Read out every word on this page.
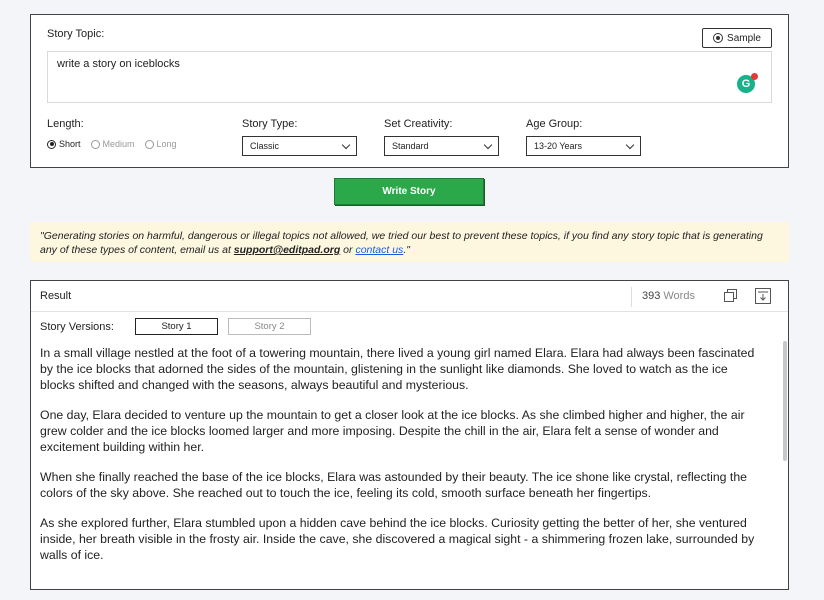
Story Topic:	Sample
write a story on iceblocks
G
Length:	Story Type:	Set Creativity:	Age Group:
Short Medium Long	Classic	Standard	13-20 Years
Write Story
"Generating stories on harmful, dangerous or illegal topics not allowed, we tried our best to prevent these topics, if you find any story topic that is generating any of these types of content, email us at support@editpad.org or contact us."
Result	393 Words
Story Versions:	Story 1	Story 2

In a small village nestled at the foot of a towering mountain, there lived a young girl named Elara. Elara had always been fascinated by the ice blocks that adorned the sides of the mountain, glistening in the sunlight like diamonds. She loved to watch as the ice blocks shifted and changed with the seasons, always beautiful and mysterious.

One day, Elara decided to venture up the mountain to get a closer look at the ice blocks. As she climbed higher and higher, the air grew colder and the ice blocks loomed larger and more imposing. Despite the chill in the air, Elara felt a sense of wonder and excitement building within her.

When she finally reached the base of the ice blocks, Elara was astounded by their beauty. The ice shone like crystal, reflecting the colors of the sky above. She reached out to touch the ice, feeling its cold, smooth surface beneath her fingertips.

As she explored further, Elara stumbled upon a hidden cave behind the ice blocks. Curiosity getting the better of her, she ventured inside, her breath visible in the frosty air. Inside the cave, she discovered a magical sight - a shimmering frozen lake, surrounded by walls of ice.
